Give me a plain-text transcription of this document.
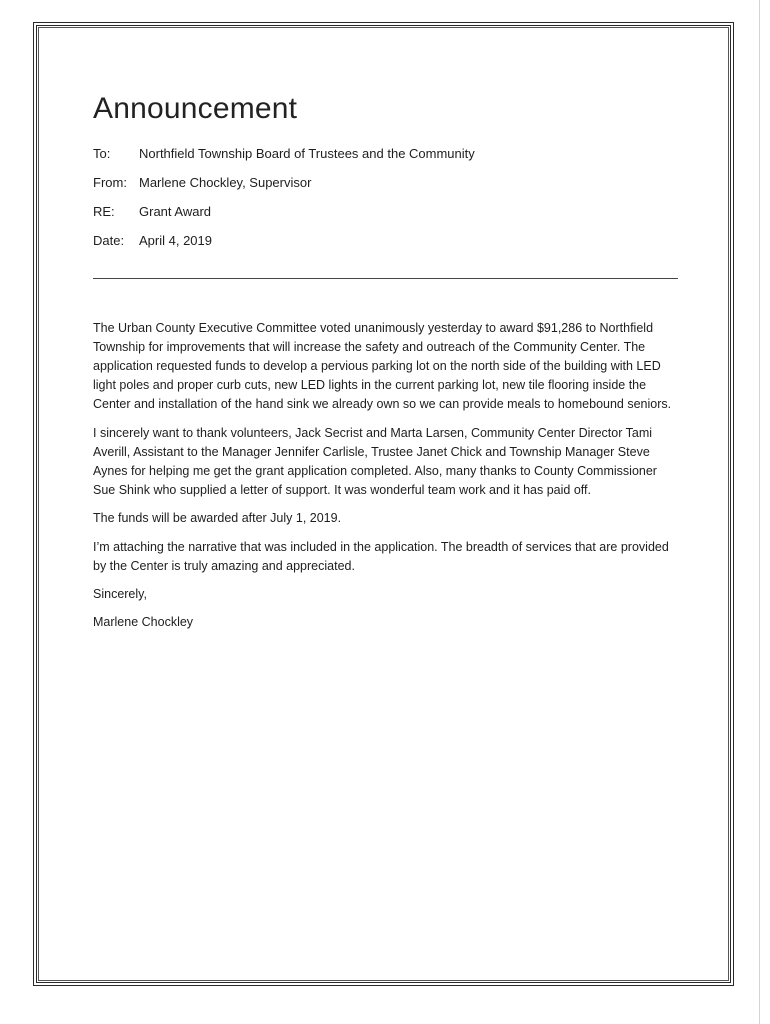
Announcement
To: Northfield Township Board of Trustees and the Community
From: Marlene Chockley, Supervisor
RE: Grant Award
Date: April 4, 2019

The Urban County Executive Committee voted unanimously yesterday to award $91,286 to Northfield Township for improvements that will increase the safety and outreach of the Community Center. The application requested funds to develop a pervious parking lot on the north side of the building with LED light poles and proper curb cuts, new LED lights in the current parking lot, new tile flooring inside the Center and installation of the hand sink we already own so we can provide meals to homebound seniors.

I sincerely want to thank volunteers, Jack Secrist and Marta Larsen, Community Center Director Tami Averill, Assistant to the Manager Jennifer Carlisle, Trustee Janet Chick and Township Manager Steve Aynes for helping me get the grant application completed. Also, many thanks to County Commissioner Sue Shink who supplied a letter of support. It was wonderful team work and it has paid off.

The funds will be awarded after July 1, 2019.

I’m attaching the narrative that was included in the application. The breadth of services that are provided by the Center is truly amazing and appreciated.

Sincerely,

Marlene Chockley
